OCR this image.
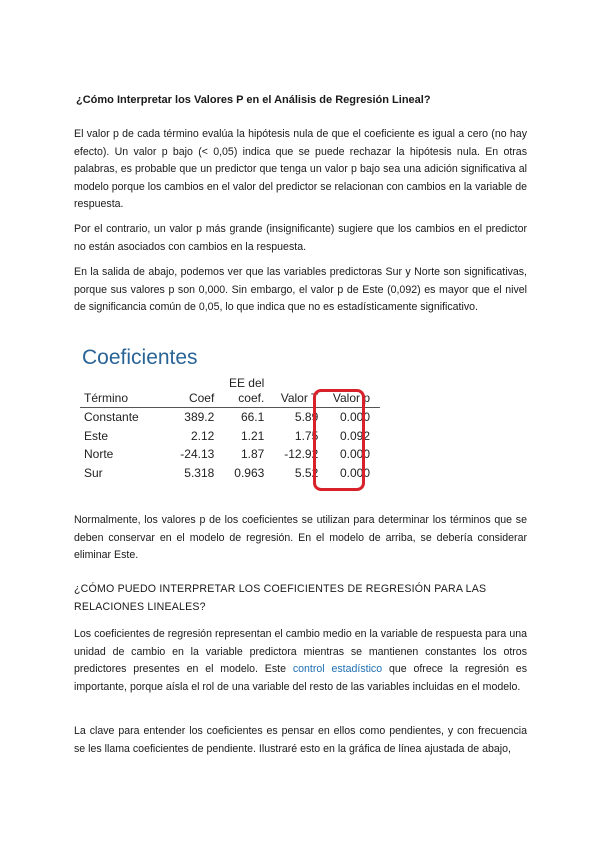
¿Cómo Interpretar los Valores P en el Análisis de Regresión Lineal?

El valor p de cada término evalúa la hipótesis nula de que el coeficiente es igual a cero (no hay efecto). Un valor p bajo (< 0,05) indica que se puede rechazar la hipótesis nula. En otras palabras, es probable que un predictor que tenga un valor p bajo sea una adición significativa al modelo porque los cambios en el valor del predictor se relacionan con cambios en la variable de respuesta.

Por el contrario, un valor p más grande (insignificante) sugiere que los cambios en el predictor no están asociados con cambios en la respuesta.

En la salida de abajo, podemos ver que las variables predictoras Sur y Norte son significativas, porque sus valores p son 0,000. Sin embargo, el valor p de Este (0,092) es mayor que el nivel de significancia común de 0,05, lo que indica que no es estadísticamente significativo.

Coeficientes
Término	Coef	EE del coef.	Valor T	Valor p
Constante	389.2	66.1	5.89	0.000
Este	2.12	1.21	1.75	0.092
Norte	-24.13	1.87	-12.92	0.000
Sur	5.318	0.963	5.52	0.000

Normalmente, los valores p de los coeficientes se utilizan para determinar los términos que se deben conservar en el modelo de regresión. En el modelo de arriba, se debería considerar eliminar Este.

¿CÓMO PUEDO INTERPRETAR LOS COEFICIENTES DE REGRESIÓN PARA LAS RELACIONES LINEALES?

Los coeficientes de regresión representan el cambio medio en la variable de respuesta para una unidad de cambio en la variable predictora mientras se mantienen constantes los otros predictores presentes en el modelo. Este control estadístico que ofrece la regresión es importante, porque aísla el rol de una variable del resto de las variables incluidas en el modelo.

La clave para entender los coeficientes es pensar en ellos como pendientes, y con frecuencia se les llama coeficientes de pendiente. Ilustraré esto en la gráfica de línea ajustada de abajo,
